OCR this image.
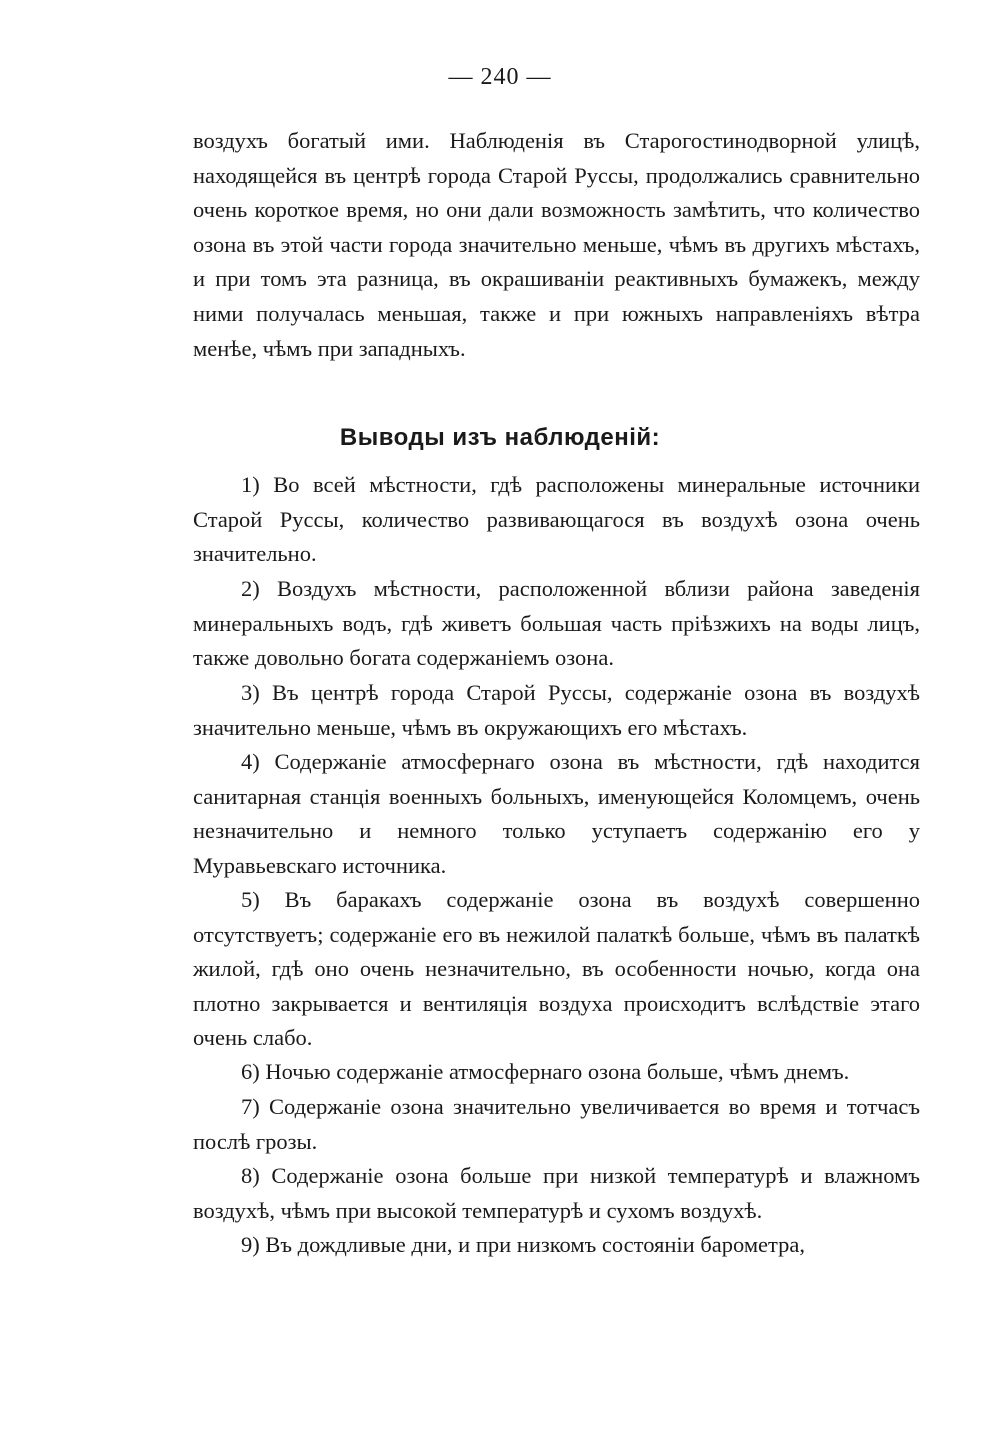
— 240 —
воздухъ богатый ими. Наблюденія въ Старогостинодворной улицѣ, находящейся въ центрѣ города Старой Руссы, продолжались сравнительно очень короткое время, но они дали возможность замѣтить, что количество озона въ этой части города значительно меньше, чѣмъ въ другихъ мѣстахъ, и при томъ эта разница, въ окрашиваніи реактивныхъ бумажекъ, между ними получалась меньшая, также и при южныхъ направленіяхъ вѣтра менѣе, чѣмъ при западныхъ.
Выводы изъ наблюденій:
1) Во всей мѣстности, гдѣ расположены минеральные источники Старой Руссы, количество развивающагося въ воздухѣ озона очень значительно.
2) Воздухъ мѣстности, расположенной вблизи района заведенія минеральныхъ водъ, гдѣ живетъ большая часть пріѣзжихъ на воды лицъ, также довольно богата содержаніемъ озона.
3) Въ центрѣ города Старой Руссы, содержаніе озона въ воздухѣ значительно меньше, чѣмъ въ окружающихъ его мѣстахъ.
4) Содержаніе атмосфернаго озона въ мѣстности, гдѣ находится санитарная станція военныхъ больныхъ, именующейся Коломцемъ, очень незначительно и немного только уступаетъ содержанію его у Муравьевскаго источника.
5) Въ баракахъ содержаніе озона въ воздухѣ совершенно отсутствуетъ; содержаніе его въ нежилой палаткѣ больше, чѣмъ въ палаткѣ жилой, гдѣ оно очень незначительно, въ особенности ночью, когда она плотно закрывается и вентиляція воздуха происходитъ вслѣдствіе этаго очень слабо.
6) Ночью содержаніе атмосфернаго озона больше, чѣмъ днемъ.
7) Содержаніе озона значительно увеличивается во время и тотчасъ послѣ грозы.
8) Содержаніе озона больше при низкой температурѣ и влажномъ воздухѣ, чѣмъ при высокой температурѣ и сухомъ воздухѣ.
9) Въ дождливые дни, и при низкомъ состояніи барометра,
